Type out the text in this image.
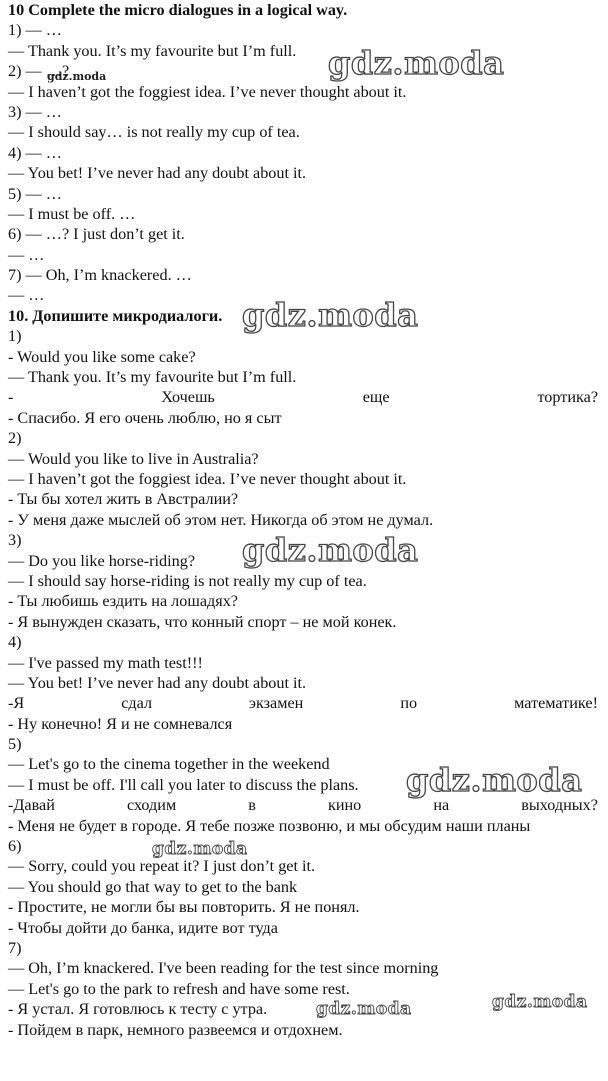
10 Complete the micro dialogues in a logical way.
1) — …
— Thank you. It’s my favourite but I’m full.
2) — …?
— I haven’t got the foggiest idea. I’ve never thought about it.
3) — …
— I should say… is not really my cup of tea.
4) — …
— You bet! I’ve never had any doubt about it.
5) — …
— I must be off. …
6) — …? I just don’t get it.
— …
7) — Oh, I’m knackered. …
— …
10. Допишите микродиалоги.
1)
- Would you like some cake?
— Thank you. It’s my favourite but I’m full.
-	Хочешь	еще	тортика?
- Спасибо. Я его очень люблю, но я сыт
2)
— Would you like to live in Australia?
— I haven’t got the foggiest idea. I’ve never thought about it.
- Ты бы хотел жить в Австралии?
- У меня даже мыслей об этом нет. Никогда об этом не думал.
3)
— Do you like horse-riding?
— I should say horse-riding is not really my cup of tea.
- Ты любишь ездить на лошадях?
- Я вынужден сказать, что конный спорт – не мой конек.
4)
— I've passed my math test!!!
— You bet! I’ve never had any doubt about it.
-Я	сдал	экзамен	по	математике!
- Ну конечно! Я и не сомневался
5)
— Let's go to the cinema together in the weekend
— I must be off. I'll call you later to discuss the plans.
-Давай	сходим	в	кино	на	выходных?
- Меня не будет в городе. Я тебе позже позвоню, и мы обсудим наши планы
6)
— Sorry, could you repeat it? I just don’t get it.
— You should go that way to get to the bank
- Простите, не могли бы вы повторить. Я не понял.
- Чтобы дойти до банка, идите вот туда
7)
— Oh, I’m knackered. I've been reading for the test since morning
— Let's go to the park to refresh and have some rest.
- Я устал. Я готовлюсь к тесту с утра.
- Пойдем в парк, немного развеемся и отдохнем.
gdz.moda
gdz.moda
gdz.moda
gdz.moda
gdz.moda
gdz.moda
gdz.moda
gdz.moda
